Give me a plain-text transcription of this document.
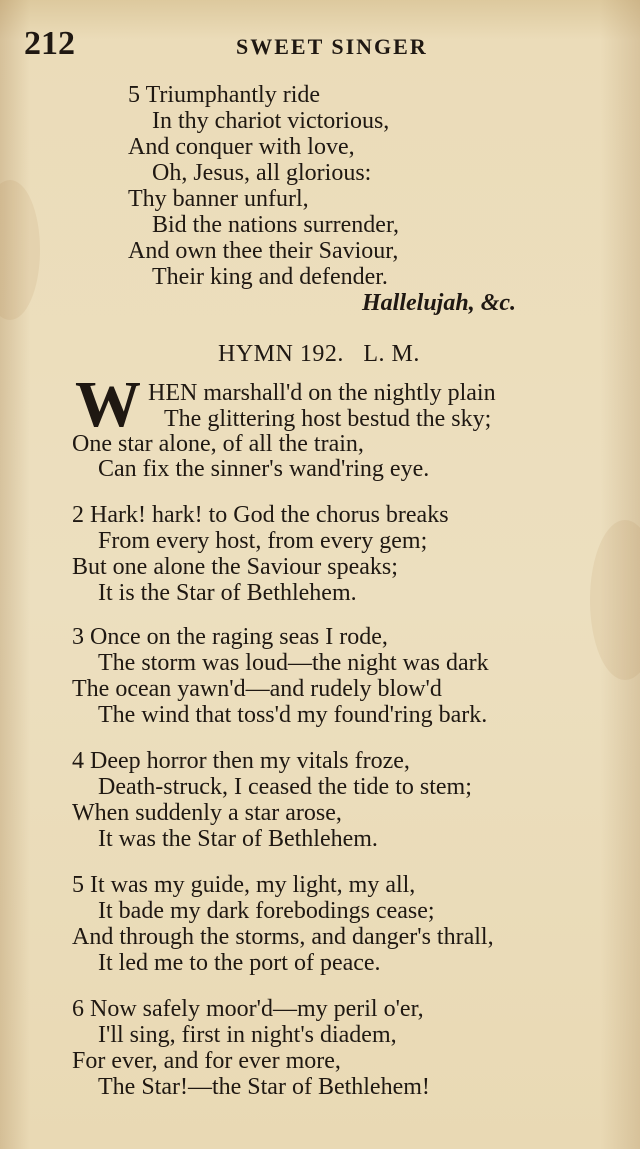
212	SWEET SINGER
5 Triumphantly ride
In thy chariot victorious,
And conquer with love,
Oh, Jesus, all glorious:
Thy banner unfurl,
Bid the nations surrender,
And own thee their Saviour,
Their king and defender.
Hallelujah, &c.
HYMN 192. L. M.
W HEN marshall'd on the nightly plain
The glittering host bestud the sky;
One star alone, of all the train,
Can fix the sinner's wand'ring eye.
2 Hark! hark! to God the chorus breaks
From every host, from every gem;
But one alone the Saviour speaks;
It is the Star of Bethlehem.
3 Once on the raging seas I rode,
The storm was loud—the night was dark
The ocean yawn'd—and rudely blow'd
The wind that toss'd my found'ring bark.
4 Deep horror then my vitals froze,
Death-struck, I ceased the tide to stem;
When suddenly a star arose,
It was the Star of Bethlehem.
5 It was my guide, my light, my all,
It bade my dark forebodings cease;
And through the storms, and danger's thrall,
It led me to the port of peace.
6 Now safely moor'd—my peril o'er,
I'll sing, first in night's diadem,
For ever, and for ever more,
The Star!—the Star of Bethlehem!
